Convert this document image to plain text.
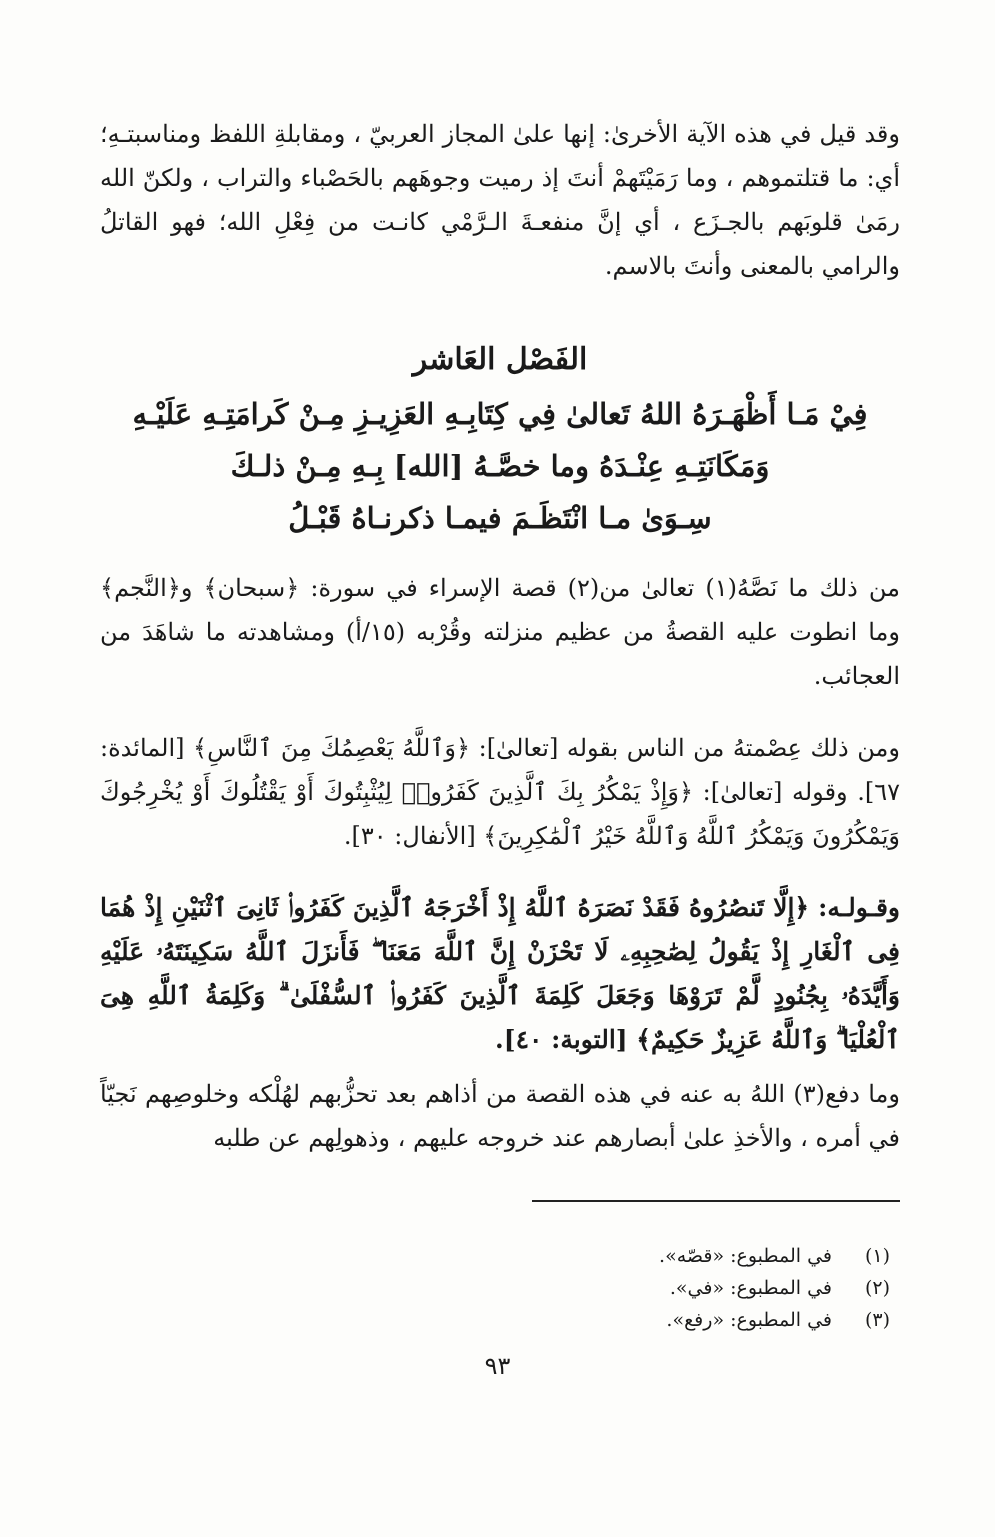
وقد قيل في هذه الآية الأخرىٰ: إنها علىٰ المجاز العربيّ ، ومقابلةِ اللفظ ومناسبتـهِ؛ أي: ما قتلتموهم ، وما رَمَيْتَهمْ أنتَ إذ رميت وجوهَهم بالحَصْباء والتراب ، ولكنّ الله رمَىٰ قلوبَهم بالجـزَع ، أي إنَّ منفعـةَ الـرَّمْي كانـت من فِعْلِ الله؛ فهو القاتلُ والرامي بالمعنى وأنتَ بالاسم.

الفَصْل العَاشر
فِيْ مَـا أَظْهَـرَهُ اللهُ تَعالىٰ فِي كِتَابِـهِ العَزِيـزِ مِـنْ كَرامَتِـهِ عَلَيْـهِ
وَمَكَانَتِـهِ عِنْـدَهُ وما خصَّـهُ [الله] بِـهِ مِـنْ ذلـكَ
سِـوَىٰ مـا انْتَظَـمَ فيمـا ذكرنـاهُ قَبْـلُ

من ذلك ما نَصَّهُ(١) تعالىٰ من(٢) قصة الإسراء في سورة: ﴿سبحان﴾ و﴿النَّجم﴾ وما انطوت عليه القصةُ من عظيم منزلته وقُرْبه (١٥/أ) ومشاهدته ما شاهَدَ من العجائب.

ومن ذلك عِصْمتهُ من الناس بقوله [تعالىٰ]: ﴿وَٱللَّهُ يَعْصِمُكَ مِنَ ٱلنَّاسِ﴾ [المائدة: ٦٧]. وقوله [تعالىٰ]: ﴿وَإِذْ يَمْكُرُ بِكَ ٱلَّذِينَ كَفَرُوا۟ لِيُثْبِتُوكَ أَوْ يَقْتُلُوكَ أَوْ يُخْرِجُوكَ وَيَمْكُرُونَ وَيَمْكُرُ ٱللَّهُ وَٱللَّهُ خَيْرُ ٱلْمَٰكِرِينَ﴾ [الأنفال: ٣٠].

وقـولـه: ﴿إِلَّا تَنصُرُوهُ فَقَدْ نَصَرَهُ ٱللَّهُ إِذْ أَخْرَجَهُ ٱلَّذِينَ كَفَرُوا۟ ثَانِىَ ٱثْنَيْنِ إِذْ هُمَا فِى ٱلْغَارِ إِذْ يَقُولُ لِصَٰحِبِهِۦ لَا تَحْزَنْ إِنَّ ٱللَّهَ مَعَنَا ۖ فَأَنزَلَ ٱللَّهُ سَكِينَتَهُۥ عَلَيْهِ وَأَيَّدَهُۥ بِجُنُودٍ لَّمْ تَرَوْهَا وَجَعَلَ كَلِمَةَ ٱلَّذِينَ كَفَرُوا۟ ٱلسُّفْلَىٰ ۗ وَكَلِمَةُ ٱللَّهِ هِىَ ٱلْعُلْيَا ۗ وَٱللَّهُ عَزِيزٌ حَكِيمٌ﴾ [التوبة: ٤٠].

وما دفع(٣) اللهُ به عنه في هذه القصة من أذاهم بعد تحزُّبهم لهُلْكه وخلوصِهم نَجيّاً في أمره ، والأخذِ علىٰ أبصارهم عند خروجه عليهم ، وذهولِهم عن طلبه

(١)
في المطبوع: «قصّه».
(٢)
في المطبوع: «في».
(٣)
في المطبوع: «رفع».
٩٣
